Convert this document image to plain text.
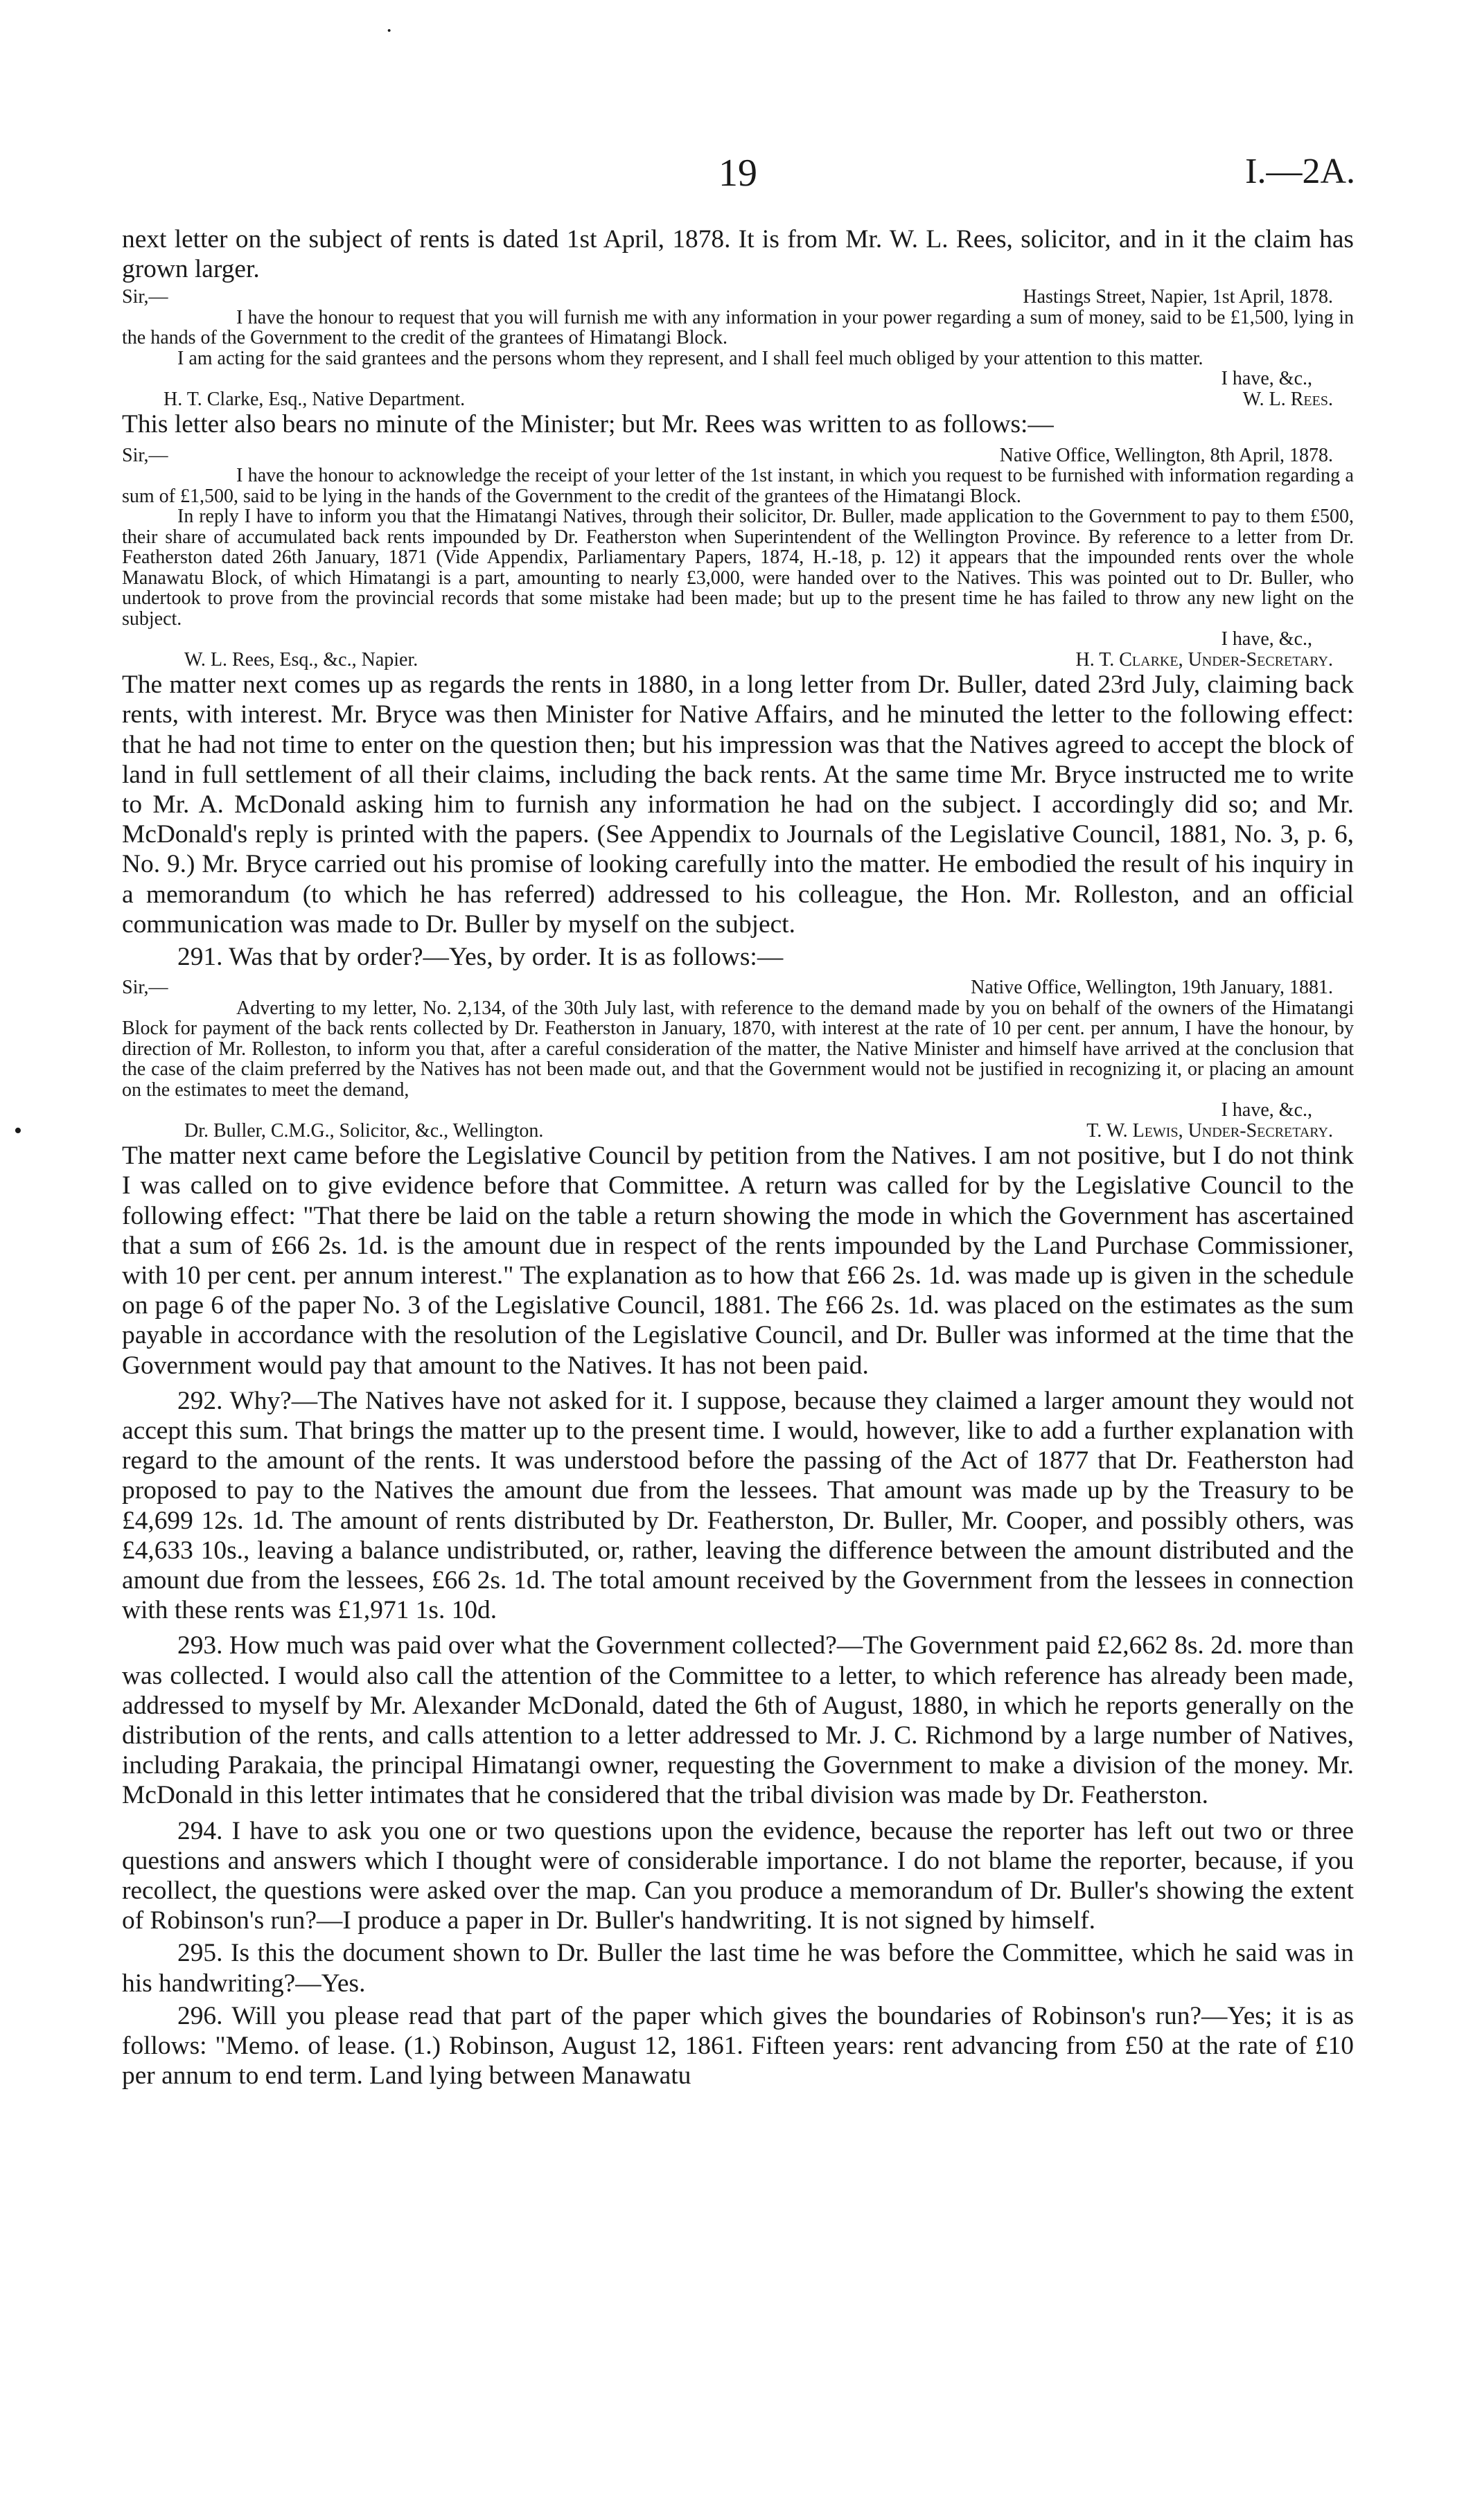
19	I.—2A.
·
•

next letter on the subject of rents is dated 1st April, 1878. It is from Mr. W. L. Rees, solicitor, and in it the claim has grown larger.

Sir,—	Hastings Street, Napier, 1st April, 1878.

I have the honour to request that you will furnish me with any information in your power regarding a sum of money, said to be £1,500, lying in the hands of the Government to the credit of the grantees of Himatangi Block.

I am acting for the said grantees and the persons whom they represent, and I shall feel much obliged by your attention to this matter.

I have, &c.,
H. T. Clarke, Esq., Native Department.	W. L. Rees.

This letter also bears no minute of the Minister; but Mr. Rees was written to as follows:—

Sir,—	Native Office, Wellington, 8th April, 1878.

I have the honour to acknowledge the receipt of your letter of the 1st instant, in which you request to be furnished with information regarding a sum of £1,500, said to be lying in the hands of the Government to the credit of the grantees of the Himatangi Block.

In reply I have to inform you that the Himatangi Natives, through their solicitor, Dr. Buller, made application to the Government to pay to them £500, their share of accumulated back rents impounded by Dr. Featherston when Superintendent of the Wellington Province. By reference to a letter from Dr. Featherston dated 26th January, 1871 (Vide Appendix, Parliamentary Papers, 1874, H.-18, p. 12) it appears that the impounded rents over the whole Manawatu Block, of which Himatangi is a part, amounting to nearly £3,000, were handed over to the Natives. This was pointed out to Dr. Buller, who undertook to prove from the provincial records that some mistake had been made; but up to the present time he has failed to throw any new light on the subject.

I have, &c.,
W. L. Rees, Esq., &c., Napier.	H. T. Clarke, Under-Secretary.

The matter next comes up as regards the rents in 1880, in a long letter from Dr. Buller, dated 23rd July, claiming back rents, with interest. Mr. Bryce was then Minister for Native Affairs, and he minuted the letter to the following effect: that he had not time to enter on the question then; but his impression was that the Natives agreed to accept the block of land in full settlement of all their claims, including the back rents. At the same time Mr. Bryce instructed me to write to Mr. A. McDonald asking him to furnish any information he had on the subject. I accordingly did so; and Mr. McDonald's reply is printed with the papers. (See Appendix to Journals of the Legislative Council, 1881, No. 3, p. 6, No. 9.) Mr. Bryce carried out his promise of looking carefully into the matter. He embodied the result of his inquiry in a memorandum (to which he has referred) addressed to his colleague, the Hon. Mr. Rolleston, and an official communication was made to Dr. Buller by myself on the subject.

291. Was that by order?—Yes, by order. It is as follows:—

Sir,—	Native Office, Wellington, 19th January, 1881.

Adverting to my letter, No. 2,134, of the 30th July last, with reference to the demand made by you on behalf of the owners of the Himatangi Block for payment of the back rents collected by Dr. Featherston in January, 1870, with interest at the rate of 10 per cent. per annum, I have the honour, by direction of Mr. Rolleston, to inform you that, after a careful consideration of the matter, the Native Minister and himself have arrived at the conclusion that the case of the claim preferred by the Natives has not been made out, and that the Government would not be justified in recognizing it, or placing an amount on the estimates to meet the demand,

I have, &c.,
Dr. Buller, C.M.G., Solicitor, &c., Wellington.	T. W. Lewis, Under-Secretary.

The matter next came before the Legislative Council by petition from the Natives. I am not positive, but I do not think I was called on to give evidence before that Committee. A return was called for by the Legislative Council to the following effect: "That there be laid on the table a return showing the mode in which the Government has ascertained that a sum of £66 2s. 1d. is the amount due in respect of the rents impounded by the Land Purchase Commissioner, with 10 per cent. per annum interest." The explanation as to how that £66 2s. 1d. was made up is given in the schedule on page 6 of the paper No. 3 of the Legislative Council, 1881. The £66 2s. 1d. was placed on the estimates as the sum payable in accordance with the resolution of the Legislative Council, and Dr. Buller was informed at the time that the Government would pay that amount to the Natives. It has not been paid.

292. Why?—The Natives have not asked for it. I suppose, because they claimed a larger amount they would not accept this sum. That brings the matter up to the present time. I would, however, like to add a further explanation with regard to the amount of the rents. It was understood before the passing of the Act of 1877 that Dr. Featherston had proposed to pay to the Natives the amount due from the lessees. That amount was made up by the Treasury to be £4,699 12s. 1d. The amount of rents distributed by Dr. Featherston, Dr. Buller, Mr. Cooper, and possibly others, was £4,633 10s., leaving a balance undistributed, or, rather, leaving the difference between the amount distributed and the amount due from the lessees, £66 2s. 1d. The total amount received by the Government from the lessees in connection with these rents was £1,971 1s. 10d.

293. How much was paid over what the Government collected?—The Government paid £2,662 8s. 2d. more than was collected. I would also call the attention of the Committee to a letter, to which reference has already been made, addressed to myself by Mr. Alexander McDonald, dated the 6th of August, 1880, in which he reports generally on the distribution of the rents, and calls attention to a letter addressed to Mr. J. C. Richmond by a large number of Natives, including Parakaia, the principal Himatangi owner, requesting the Government to make a division of the money. Mr. McDonald in this letter intimates that he considered that the tribal division was made by Dr. Featherston.

294. I have to ask you one or two questions upon the evidence, because the reporter has left out two or three questions and answers which I thought were of considerable importance. I do not blame the reporter, because, if you recollect, the questions were asked over the map. Can you produce a memorandum of Dr. Buller's showing the extent of Robinson's run?—I produce a paper in Dr. Buller's handwriting. It is not signed by himself.

295. Is this the document shown to Dr. Buller the last time he was before the Committee, which he said was in his handwriting?—Yes.

296. Will you please read that part of the paper which gives the boundaries of Robinson's run?—Yes; it is as follows: "Memo. of lease. (1.) Robinson, August 12, 1861. Fifteen years: rent advancing from £50 at the rate of £10 per annum to end term. Land lying between Manawatu
